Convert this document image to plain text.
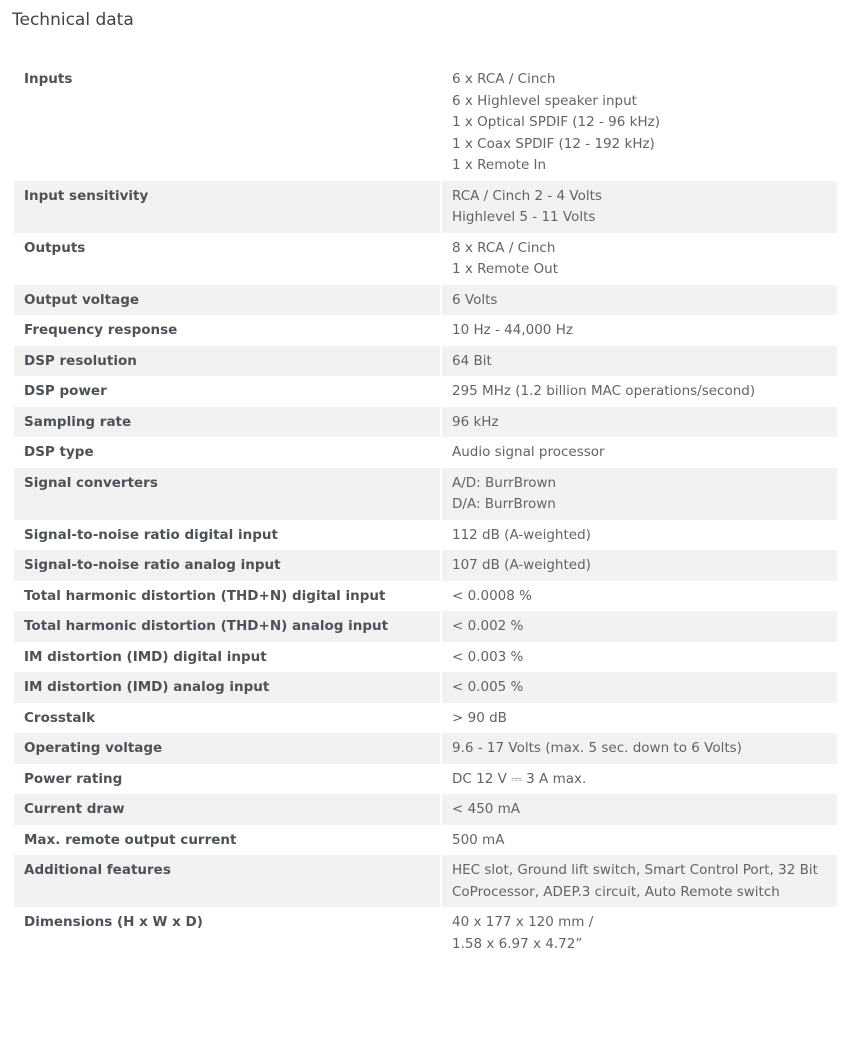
Technical data
Inputs	6 x RCA / Cinch
6 x Highlevel speaker input
1 x Optical SPDIF (12 - 96 kHz)
1 x Coax SPDIF (12 - 192 kHz)
1 x Remote In

Input sensitivity	RCA / Cinch 2 - 4 Volts
Highlevel 5 - 11 Volts

Outputs	8 x RCA / Cinch
1 x Remote Out

Output voltage	6 Volts

Frequency response	10 Hz - 44,000 Hz

DSP resolution	64 Bit

DSP power	295 MHz (1.2 billion MAC operations/second)

Sampling rate	96 kHz

DSP type	Audio signal processor

Signal converters	A/D: BurrBrown
D/A: BurrBrown

Signal-to-noise ratio digital input	112 dB (A-weighted)

Signal-to-noise ratio analog input	107 dB (A-weighted)

Total harmonic distortion (THD+N) digital input	< 0.0008 %

Total harmonic distortion (THD+N) analog input	< 0.002 %

IM distortion (IMD) digital input	< 0.003 %

IM distortion (IMD) analog input	< 0.005 %

Crosstalk	> 90 dB

Operating voltage	9.6 - 17 Volts (max. 5 sec. down to 6 Volts)

Power rating	DC 12 V ⎓ 3 A max.

Current draw	< 450 mA

Max. remote output current	500 mA

Additional features	HEC slot, Ground lift switch, Smart Control Port, 32 Bit
CoProcessor, ADEP.3 circuit, Auto Remote switch

Dimensions (H x W x D)	40 x 177 x 120 mm /
1.58 x 6.97 x 4.72”
